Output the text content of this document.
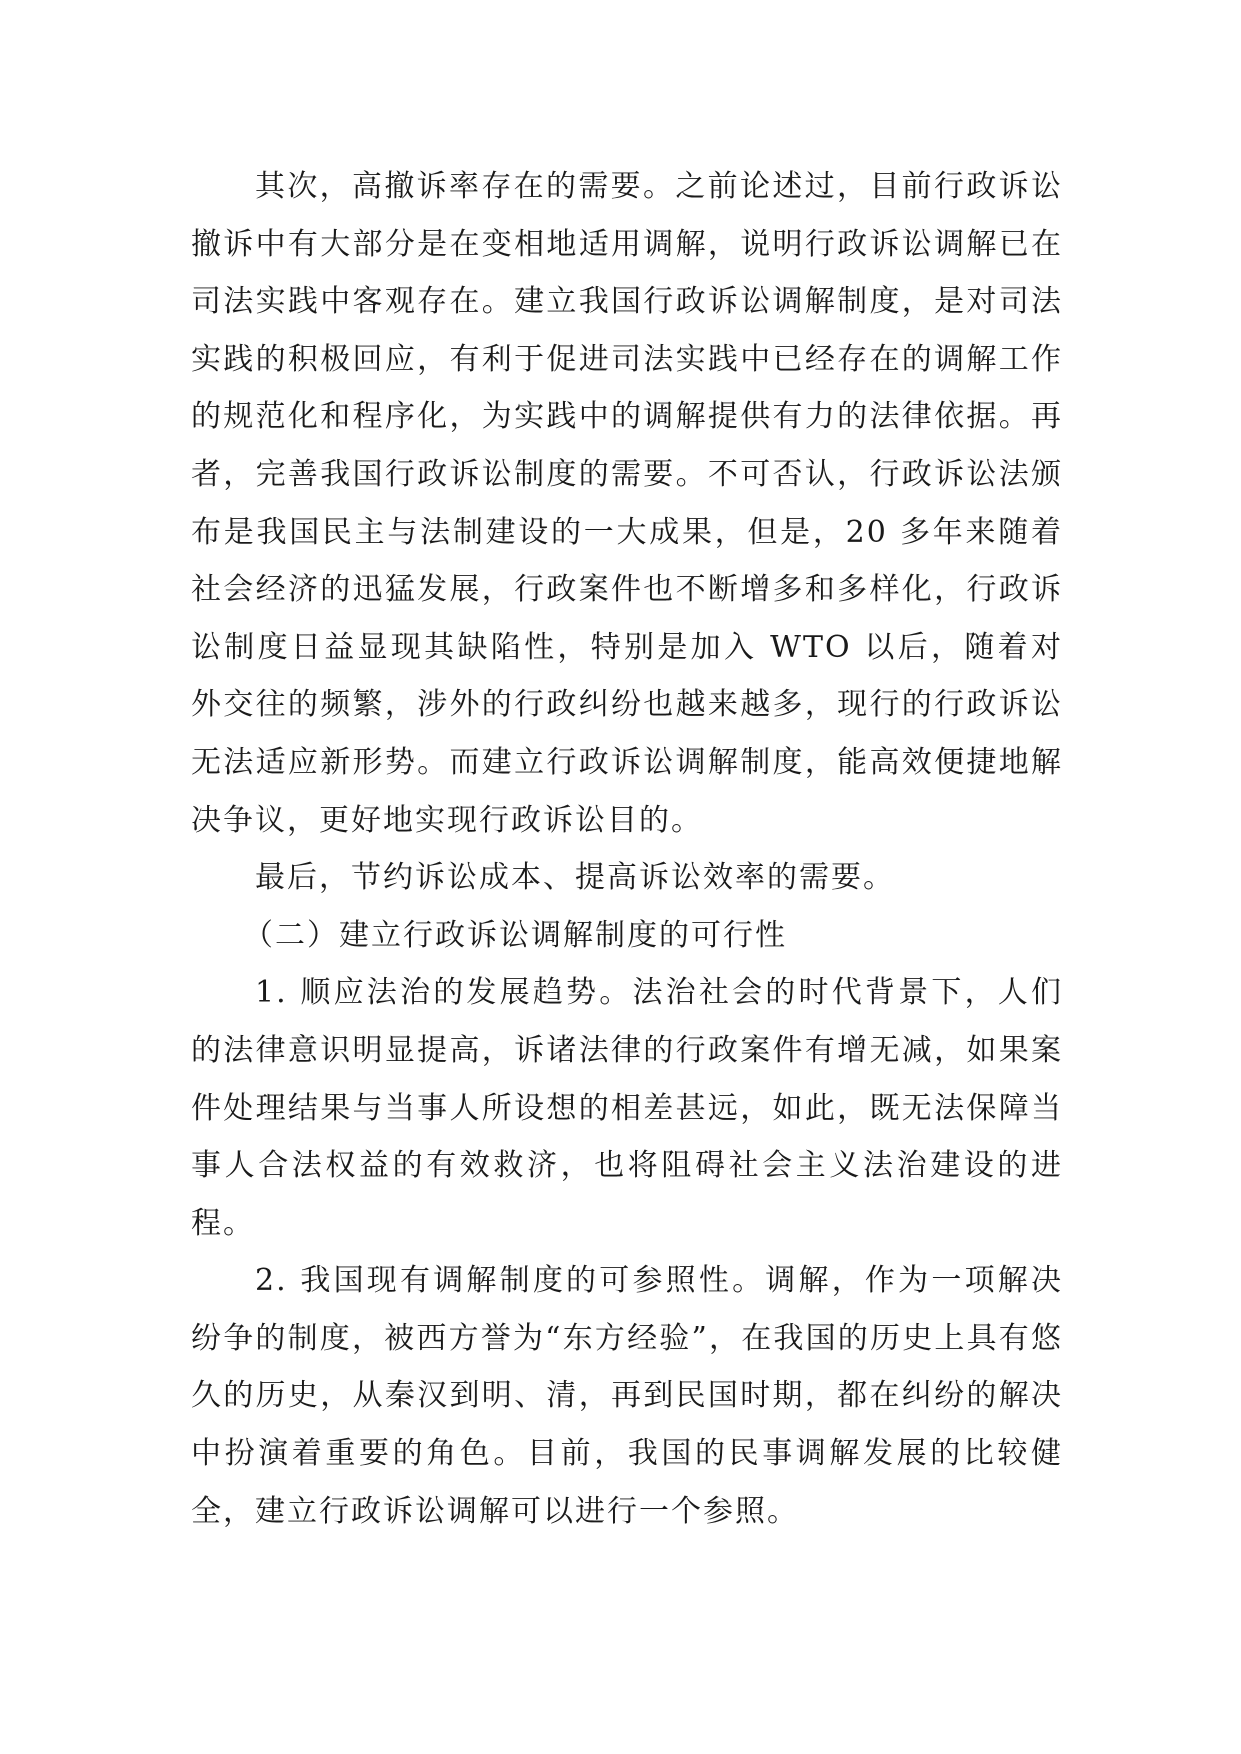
其次，高撤诉率存在的需要。之前论述过，目前行政诉讼撤诉中有大部分是在变相地适用调解，说明行政诉讼调解已在司法实践中客观存在。建立我国行政诉讼调解制度，是对司法实践的积极回应，有利于促进司法实践中已经存在的调解工作的规范化和程序化，为实践中的调解提供有力的法律依据。再者，完善我国行政诉讼制度的需要。不可否认，行政诉讼法颁布是我国民主与法制建设的一大成果，但是，20 多年来随着社会经济的迅猛发展，行政案件也不断增多和多样化，行政诉讼制度日益显现其缺陷性，特别是加入 WTO 以后，随着对外交往的频繁，涉外的行政纠纷也越来越多，现行的行政诉讼无法适应新形势。而建立行政诉讼调解制度，能高效便捷地解决争议，更好地实现行政诉讼目的。

最后，节约诉讼成本、提高诉讼效率的需要。

（二）建立行政诉讼调解制度的可行性

1. 顺应法治的发展趋势。法治社会的时代背景下，人们的法律意识明显提高，诉诸法律的行政案件有增无减，如果案件处理结果与当事人所设想的相差甚远，如此，既无法保障当事人合法权益的有效救济，也将阻碍社会主义法治建设的进程。

2. 我国现有调解制度的可参照性。调解，作为一项解决纷争的制度，被西方誉为“东方经验”，在我国的历史上具有悠久的历史，从秦汉到明、清，再到民国时期，都在纠纷的解决中扮演着重要的角色。目前，我国的民事调解发展的比较健全，建立行政诉讼调解可以进行一个参照。
